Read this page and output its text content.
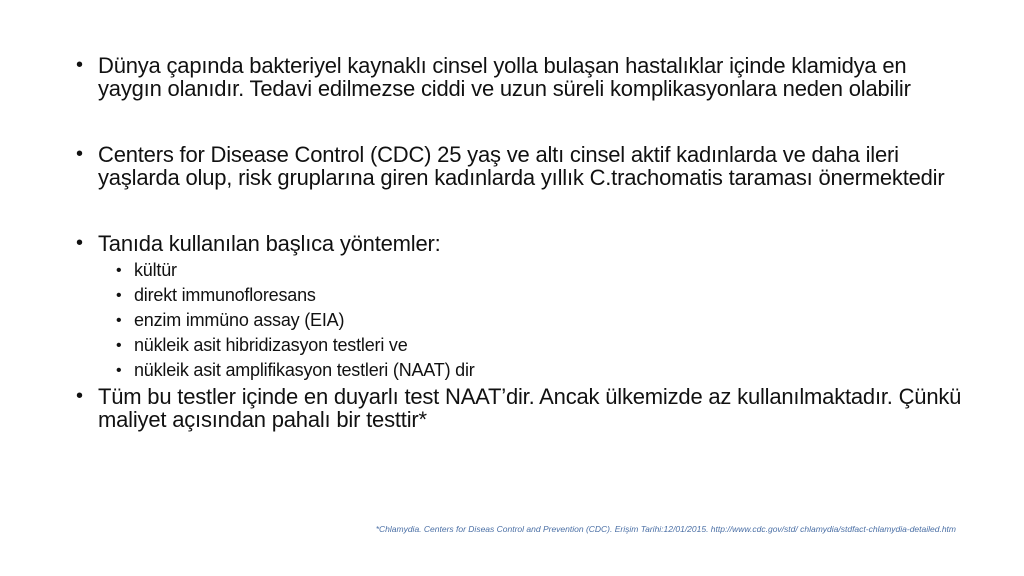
• Dünya çapında bakteriyel kaynaklı cinsel yolla bulaşan hastalıklar içinde klamidya en yaygın olanıdır. Tedavi edilmezse ciddi ve uzun süreli komplikasyonlara neden olabilir
• Centers for Disease Control (CDC) 25 yaş ve altı cinsel aktif kadınlarda ve daha ileri yaşlarda olup, risk gruplarına giren kadınlarda yıllık C.trachomatis taraması önermektedir
• Tanıda kullanılan başlıca yöntemler:
• kültür
• direkt immunofloresans
• enzim immüno assay (EIA)
• nükleik asit hibridizasyon testleri ve
• nükleik asit amplifikasyon testleri (NAAT) dir
• Tüm bu testler içinde en duyarlı test NAAT’dir. Ancak ülkemizde az kullanılmaktadır. Çünkü maliyet açısından pahalı bir testtir*
*Chlamydia. Centers for Diseas Control and Prevention (CDC). Erişim Tarihi:12/01/2015. http://www.cdc.gov/std/ chlamydia/stdfact-chlamydia-detailed.htm
